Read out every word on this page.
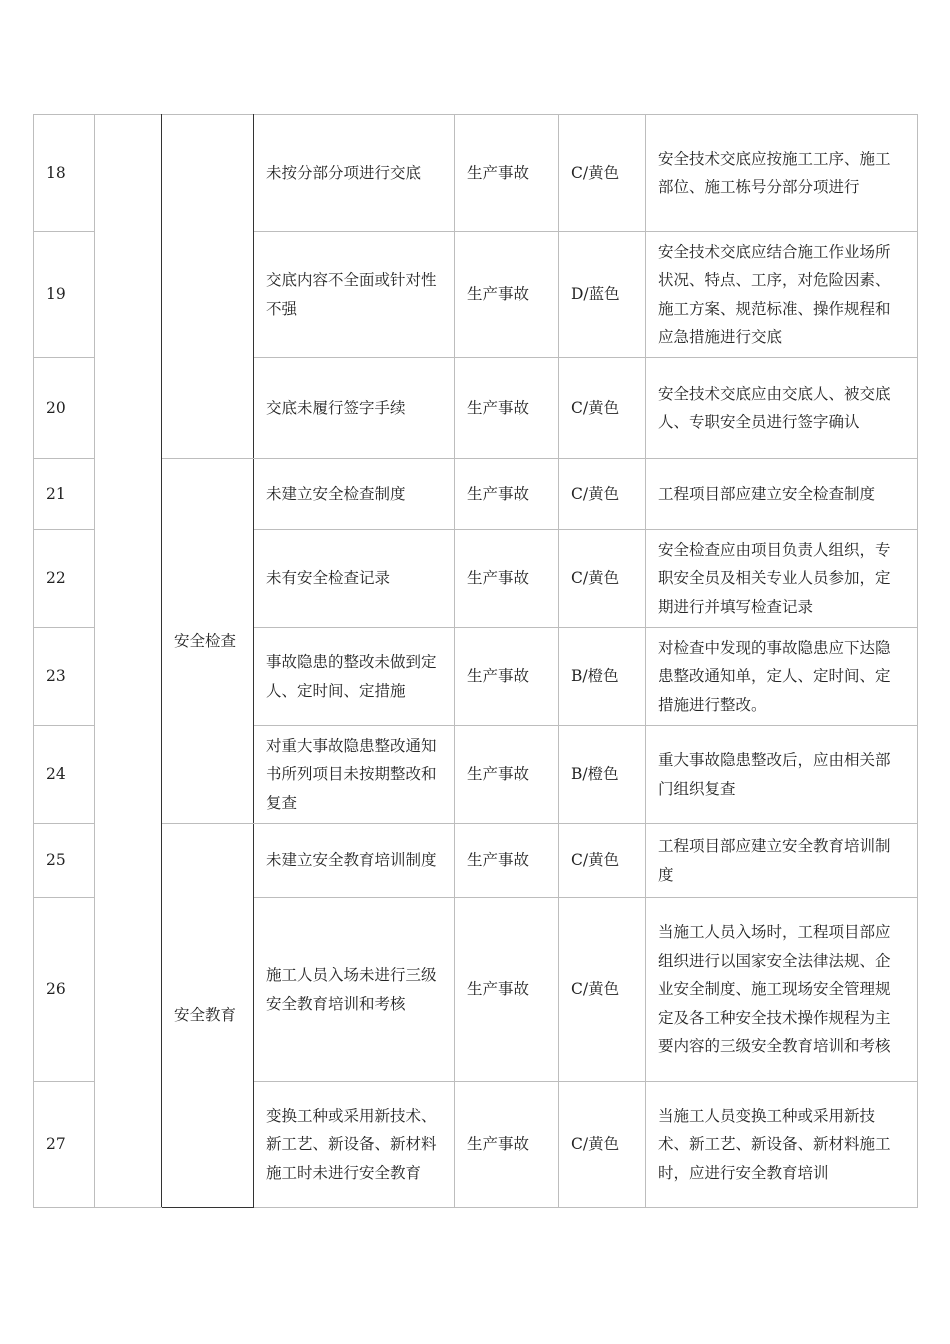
18			未按分部分项进行交底	生产事故	C/黄色	安全技术交底应按施工工序、施工部位、施工栋号分部分项进行
19			交底内容不全面或针对性不强	生产事故	D/蓝色	安全技术交底应结合施工作业场所状况、特点、工序，对危险因素、施工方案、规范标准、操作规程和应急措施进行交底
20			交底未履行签字手续	生产事故	C/黄色	安全技术交底应由交底人、被交底人、专职安全员进行签字确认
21		安全检查	未建立安全检查制度	生产事故	C/黄色	工程项目部应建立安全检查制度
22			未有安全检查记录	生产事故	C/黄色	安全检查应由项目负责人组织，专职安全员及相关专业人员参加，定期进行并填写检查记录
23			事故隐患的整改未做到定人、定时间、定措施	生产事故	B/橙色	对检查中发现的事故隐患应下达隐患整改通知单，定人、定时间、定措施进行整改。
24			对重大事故隐患整改通知书所列项目未按期整改和复查	生产事故	B/橙色	重大事故隐患整改后，应由相关部门组织复查
25		安全教育	未建立安全教育培训制度	生产事故	C/黄色	工程项目部应建立安全教育培训制度
26			施工人员入场未进行三级安全教育培训和考核	生产事故	C/黄色	当施工人员入场时，工程项目部应组织进行以国家安全法律法规、企业安全制度、施工现场安全管理规定及各工种安全技术操作规程为主要内容的三级安全教育培训和考核
27			变换工种或采用新技术、新工艺、新设备、新材料施工时未进行安全教育	生产事故	C/黄色	当施工人员变换工种或采用新技术、新工艺、新设备、新材料施工时，应进行安全教育培训
